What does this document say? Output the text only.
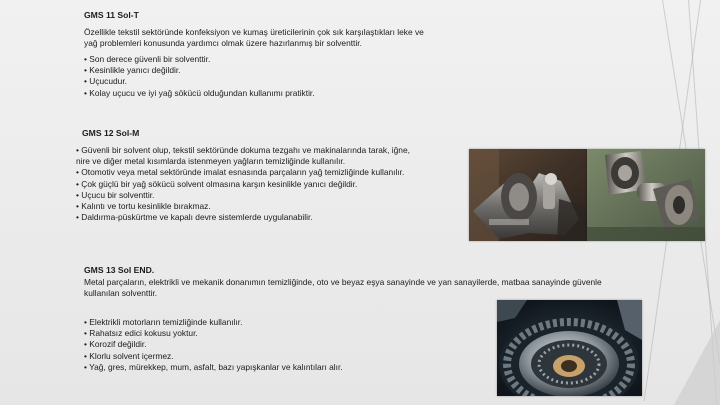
GMS 11 Sol-T
Özellikle tekstil sektöründe konfeksiyon ve kumaş üreticilerinin çok sık karşılaştıkları leke ve
yağ problemleri konusunda yardımcı olmak üzere hazırlanmış bir solventtir.
• Son derece güvenli bir solventtir.
• Kesinlikle yanıcı değildir.
• Uçucudur.
• Kolay uçucu ve iyi yağ sökücü olduğundan kullanımı pratiktir.
GMS 12 Sol-M
• Güvenli bir solvent olup, tekstil sektöründe dokuma tezgahı ve makinalarında tarak, iğne,
nire ve diğer metal kısımlarda istenmeyen yağların temizliğinde kullanılır.
• Otomotiv veya metal sektöründe imalat esnasında parçaların yağ temizliğinde kullanılır.
• Çok güçlü bir yağ sökücü solvent olmasına karşın kesinlikle yanıcı değildir.
• Uçucu bir solventtir.
• Kalıntı ve tortu kesinlikle bırakmaz.
• Daldırma-püskürtme ve kapalı devre sistemlerde uygulanabilir.
GMS 13 Sol END.
Metal parçaların, elektrikli ve mekanik donanımın temizliğinde, oto ve beyaz eşya sanayinde ve yan sanayilerde, matbaa sanayinde güvenle
kullanılan solventtir.
• Elektrikli motorların temizliğinde kullanılır.
• Rahatsız edici kokusu yoktur.
• Korozif değildir.
• Klorlu solvent içermez.
• Yağ, gres, mürekkep, mum, asfalt, bazı yapışkanlar ve kalıntıları alır.
